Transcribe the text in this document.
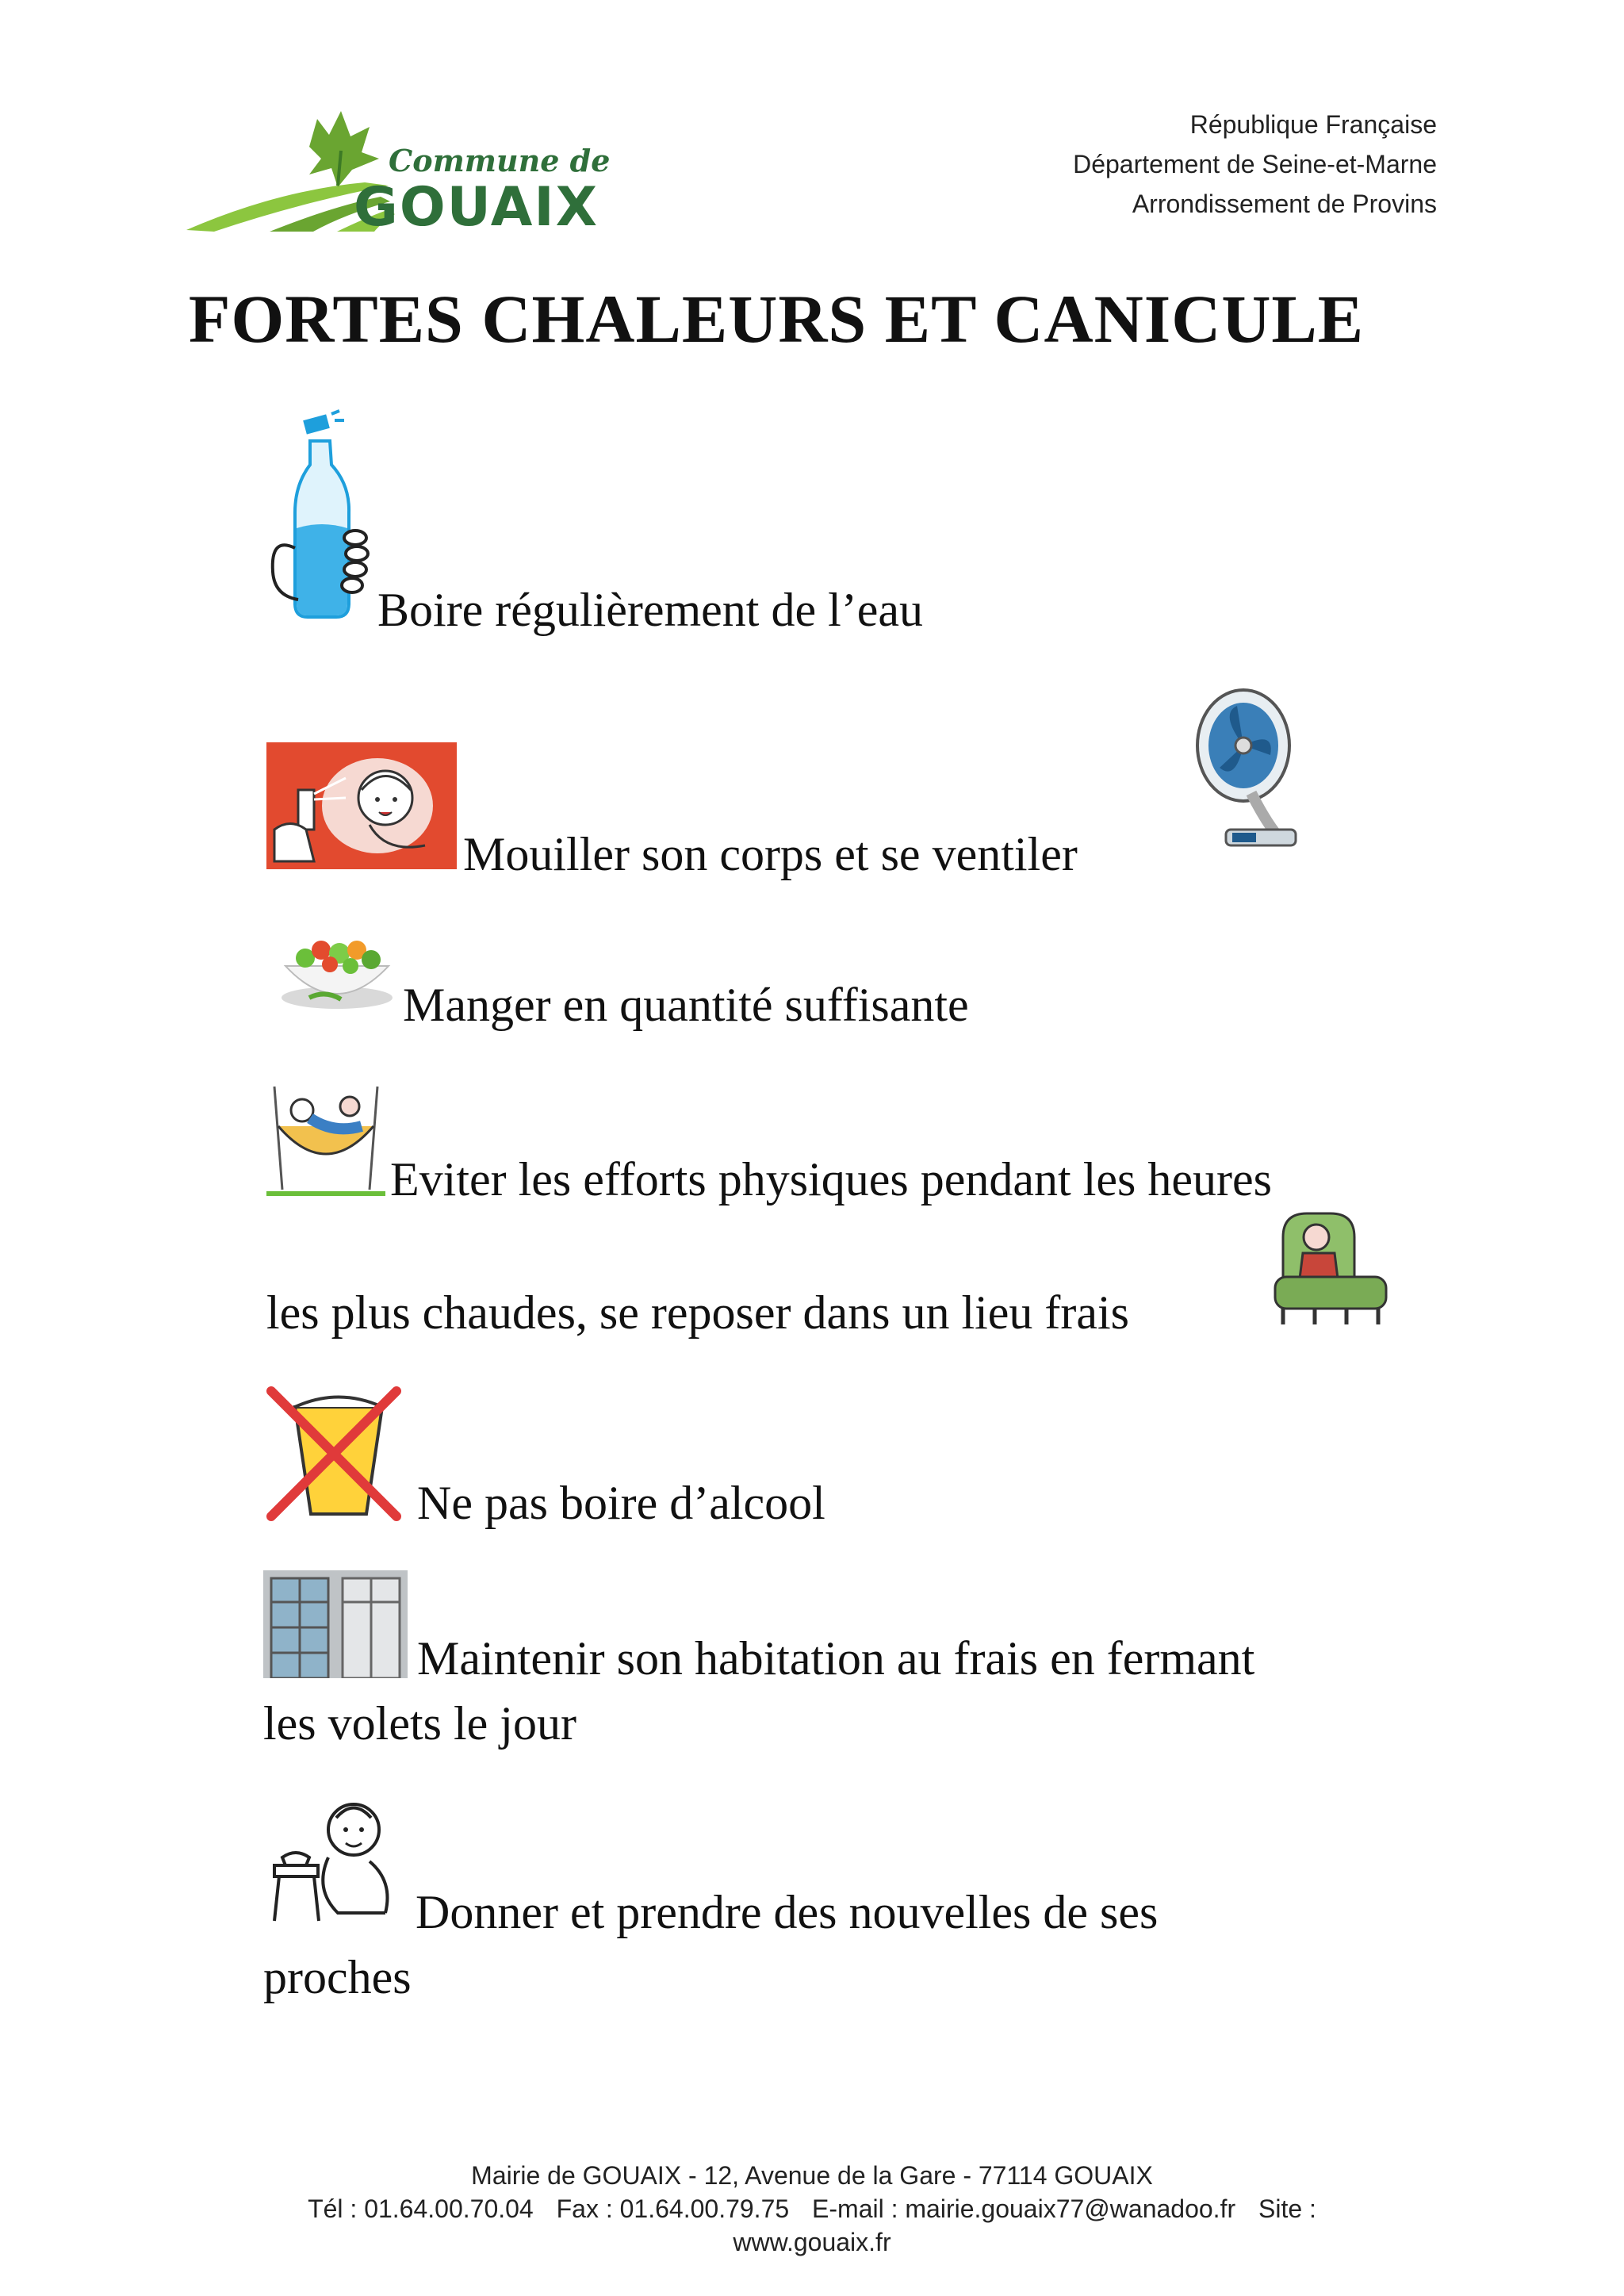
Commune de
GOUAIX
République Française
Département de Seine-et-Marne
Arrondissement de Provins
FORTES CHALEURS ET CANICULE
Boire régulièrement de l’eau
Mouiller son corps et se ventiler
Manger en quantité suffisante
Eviter les efforts physiques pendant les heures
les plus chaudes, se reposer dans un lieu frais
Ne pas boire d’alcool
Maintenir son habitation au frais en fermant
les volets le jour
Donner et prendre des nouvelles de ses
proches
Mairie de GOUAIX - 12, Avenue de la Gare - 77114 GOUAIX
Tél : 01.64.00.70.04 Fax : 01.64.00.79.75 E-mail : mairie.gouaix77@wanadoo.fr Site :
www.gouaix.fr
